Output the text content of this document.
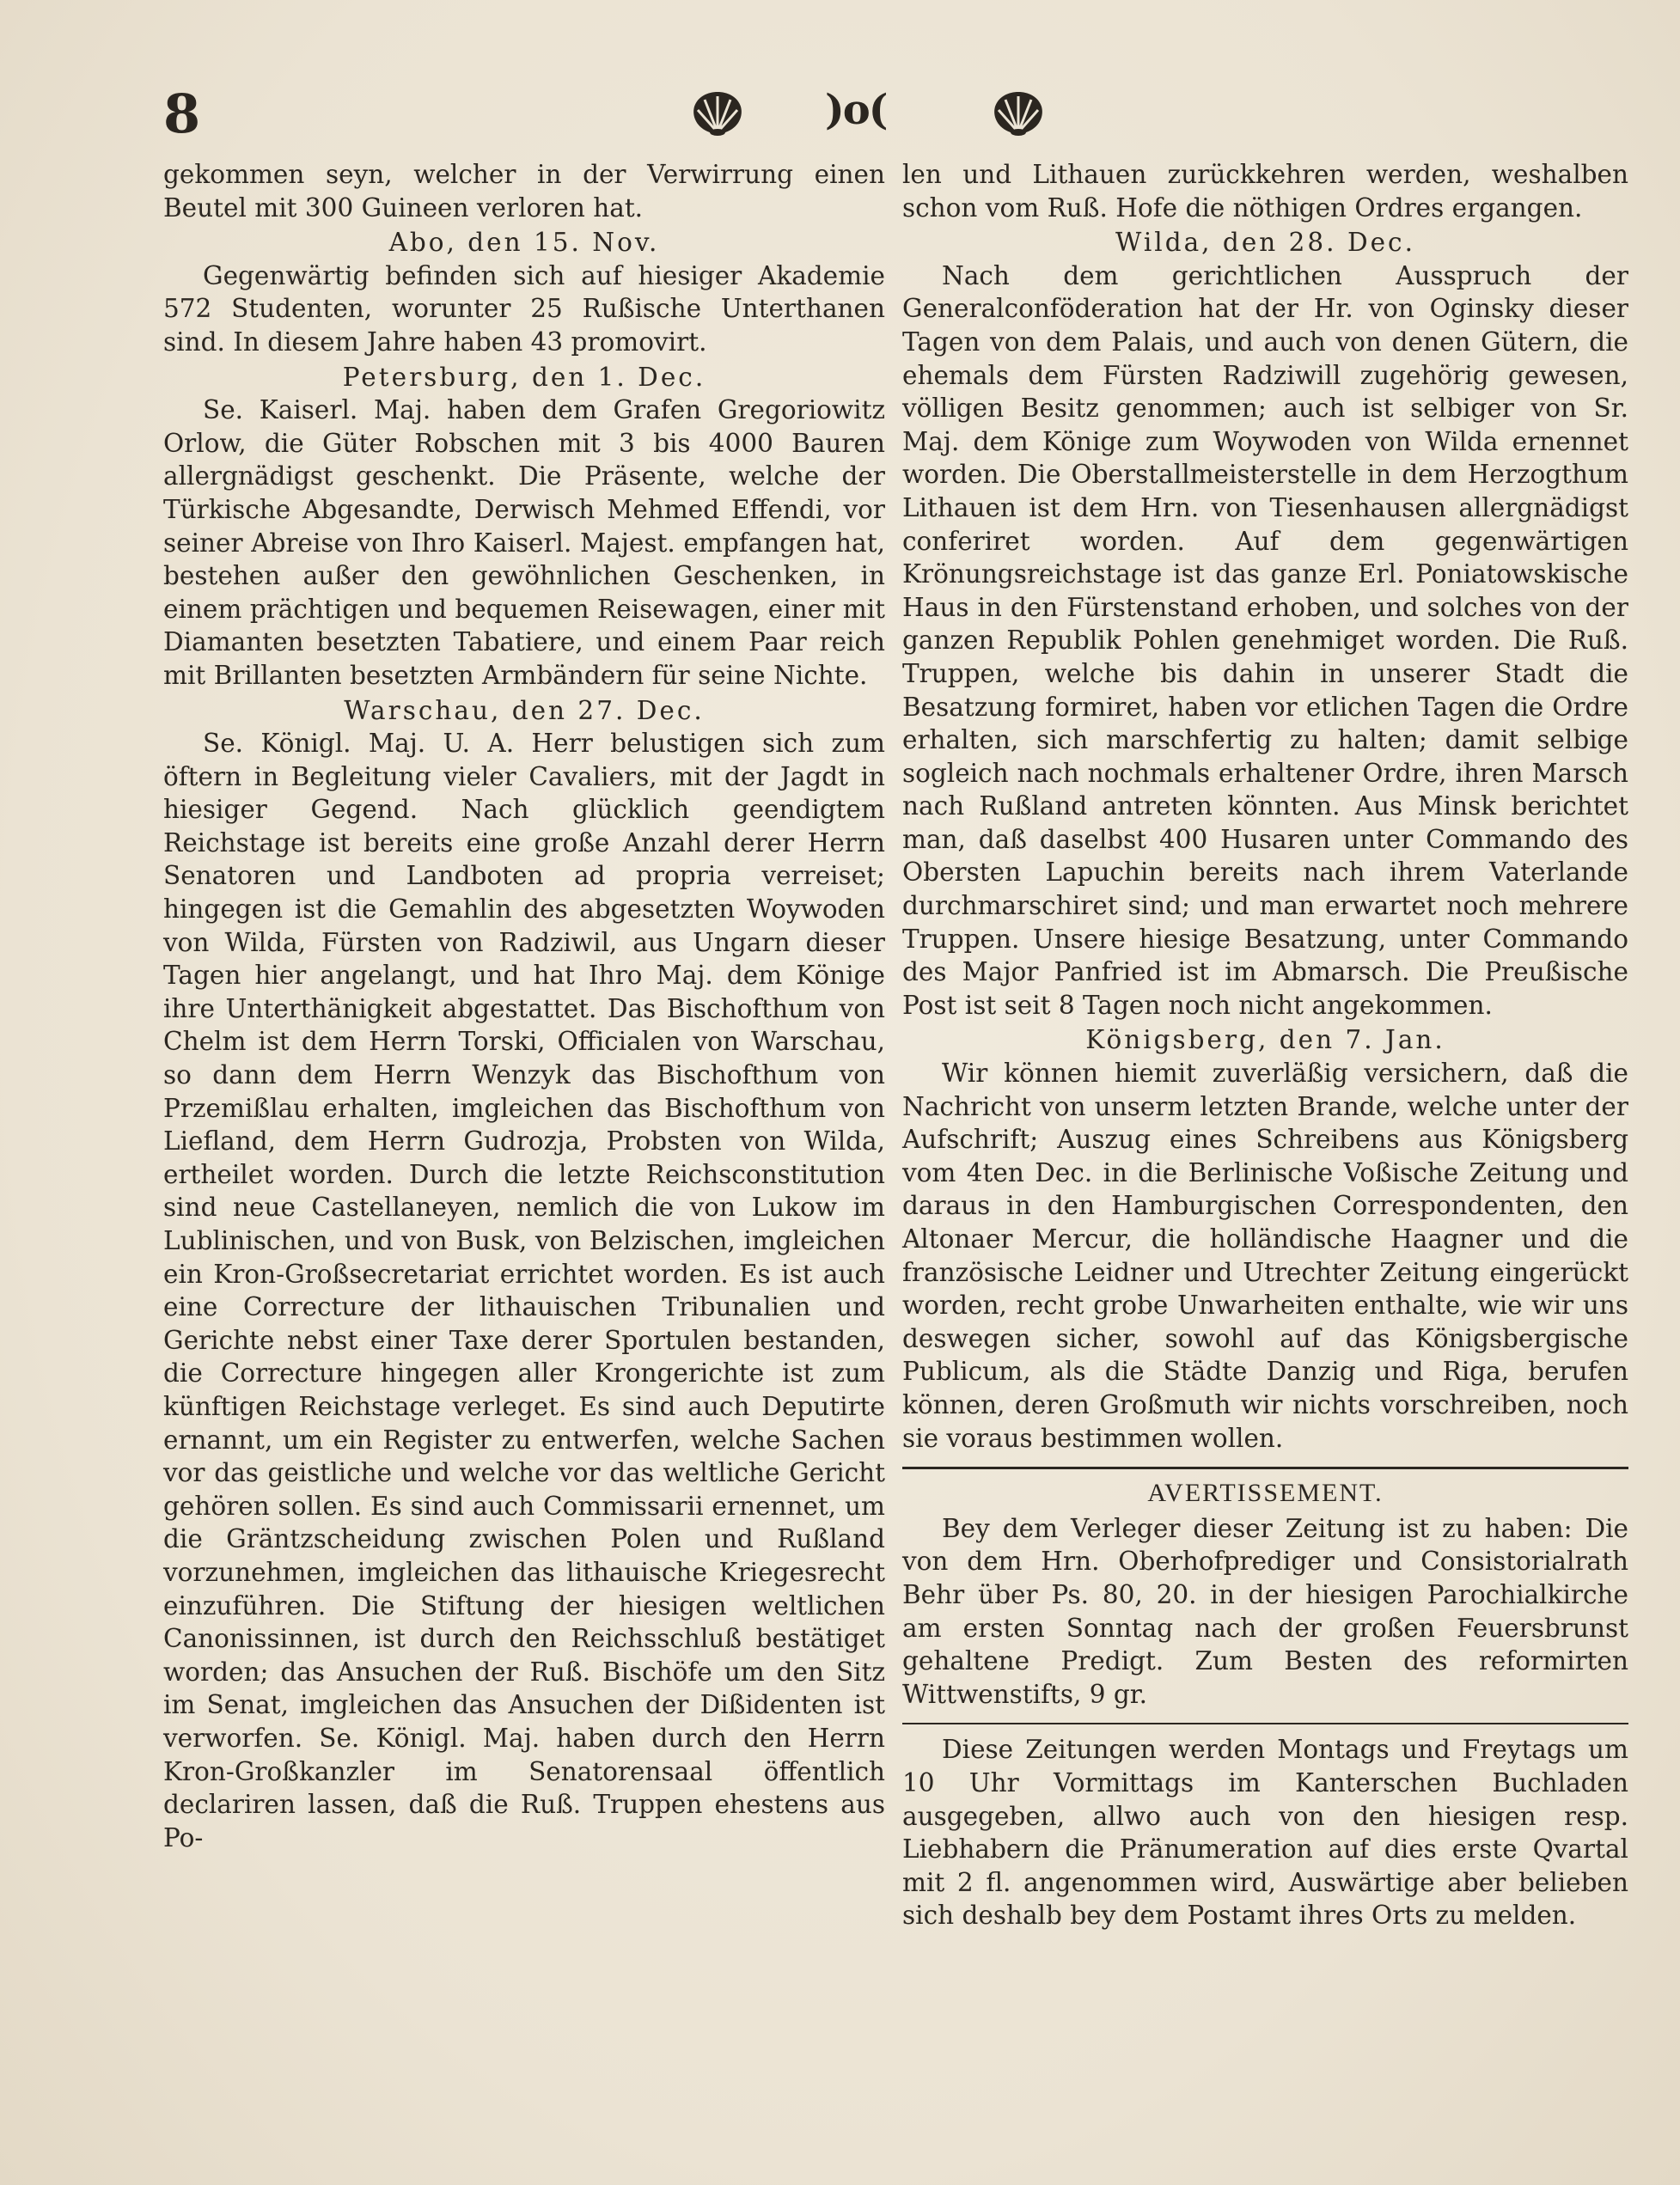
8	)o(

gekommen seyn, welcher in der Verwirrung einen Beutel mit 300 Guineen verloren hat.

Abo, den 15. Nov.

Gegenwärtig befinden sich auf hiesiger Akademie 572 Studenten, worunter 25 Rußische Unterthanen sind. In diesem Jahre haben 43 promovirt.

Petersburg, den 1. Dec.

Se. Kaiserl. Maj. haben dem Grafen Gregoriowitz Orlow, die Güter Robschen mit 3 bis 4000 Bauren allergnädigst geschenkt. Die Präsente, welche der Türkische Abgesandte, Derwisch Mehmed Effendi, vor seiner Abreise von Ihro Kaiserl. Majest. empfangen hat, bestehen außer den gewöhnlichen Geschenken, in einem prächtigen und bequemen Reisewagen, einer mit Diamanten besetzten Tabatiere, und einem Paar reich mit Brillanten besetzten Armbändern für seine Nichte.

Warschau, den 27. Dec.

Se. Königl. Maj. U. A. Herr belustigen sich zum öftern in Begleitung vieler Cavaliers, mit der Jagdt in hiesiger Gegend. Nach glücklich geendigtem Reichstage ist bereits eine große Anzahl derer Herrn Senatoren und Landboten ad propria verreiset; hingegen ist die Gemahlin des abgesetzten Woywoden von Wilda, Fürsten von Radziwil, aus Ungarn dieser Tagen hier angelangt, und hat Ihro Maj. dem Könige ihre Unterthänigkeit abgestattet. Das Bischofthum von Chelm ist dem Herrn Torski, Officialen von Warschau, so dann dem Herrn Wenzyk das Bischofthum von Przemißlau erhalten, imgleichen das Bischofthum von Liefland, dem Herrn Gudrozja, Probsten von Wilda, ertheilet worden. Durch die letzte Reichsconstitution sind neue Castellaneyen, nemlich die von Lukow im Lublinischen, und von Busk, von Belzischen, imgleichen ein Kron-Großsecretariat errichtet worden. Es ist auch eine Correcture der lithauischen Tribunalien und Gerichte nebst einer Taxe derer Sportulen bestanden, die Correcture hingegen aller Krongerichte ist zum künftigen Reichstage verleget. Es sind auch Deputirte ernannt, um ein Register zu entwerfen, welche Sachen vor das geistliche und welche vor das weltliche Gericht gehören sollen. Es sind auch Commissarii ernennet, um die Gräntzscheidung zwischen Polen und Rußland vorzunehmen, imgleichen das lithauische Kriegesrecht einzuführen. Die Stiftung der hiesigen weltlichen Canonissinnen, ist durch den Reichsschluß bestätiget worden; das Ansuchen der Ruß. Bischöfe um den Sitz im Senat, imgleichen das Ansuchen der Dißidenten ist verworfen. Se. Königl. Maj. haben durch den Herrn Kron-Großkanzler im Senatorensaal öffentlich declariren lassen, daß die Ruß. Truppen ehestens aus Po-

len und Lithauen zurückkehren werden, weshalben schon vom Ruß. Hofe die nöthigen Ordres ergangen.

Wilda, den 28. Dec.

Nach dem gerichtlichen Ausspruch der Generalconföderation hat der Hr. von Oginsky dieser Tagen von dem Palais, und auch von denen Gütern, die ehemals dem Fürsten Radziwill zugehörig gewesen, völligen Besitz genommen; auch ist selbiger von Sr. Maj. dem Könige zum Woywoden von Wilda ernennet worden. Die Oberstallmeisterstelle in dem Herzogthum Lithauen ist dem Hrn. von Tiesenhausen allergnädigst conferiret worden. Auf dem gegenwärtigen Krönungsreichstage ist das ganze Erl. Poniatowskische Haus in den Fürstenstand erhoben, und solches von der ganzen Republik Pohlen genehmiget worden. Die Ruß. Truppen, welche bis dahin in unserer Stadt die Besatzung formiret, haben vor etlichen Tagen die Ordre erhalten, sich marschfertig zu halten; damit selbige sogleich nach nochmals erhaltener Ordre, ihren Marsch nach Rußland antreten könnten. Aus Minsk berichtet man, daß daselbst 400 Husaren unter Commando des Obersten Lapuchin bereits nach ihrem Vaterlande durchmarschiret sind; und man erwartet noch mehrere Truppen. Unsere hiesige Besatzung, unter Commando des Major Panfried ist im Abmarsch. Die Preußische Post ist seit 8 Tagen noch nicht angekommen.

Königsberg, den 7. Jan.

Wir können hiemit zuverläßig versichern, daß die Nachricht von unserm letzten Brande, welche unter der Aufschrift; Auszug eines Schreibens aus Königsberg vom 4ten Dec. in die Berlinische Voßische Zeitung und daraus in den Hamburgischen Correspondenten, den Altonaer Mercur, die holländische Haagner und die französische Leidner und Utrechter Zeitung eingerückt worden, recht grobe Unwarheiten enthalte, wie wir uns deswegen sicher, sowohl auf das Königsbergische Publicum, als die Städte Danzig und Riga, berufen können, deren Großmuth wir nichts vorschreiben, noch sie voraus bestimmen wollen.

AVERTISSEMENT.

Bey dem Verleger dieser Zeitung ist zu haben: Die von dem Hrn. Oberhofprediger und Consistorialrath Behr über Ps. 80, 20. in der hiesigen Parochialkirche am ersten Sonntag nach der großen Feuersbrunst gehaltene Predigt. Zum Besten des reformirten Wittwenstifts, 9 gr.

Diese Zeitungen werden Montags und Freytags um 10 Uhr Vormittags im Kanterschen Buchladen ausgegeben, allwo auch von den hiesigen resp. Liebhabern die Pränumeration auf dies erste Qvartal mit 2 fl. angenommen wird, Auswärtige aber belieben sich deshalb bey dem Postamt ihres Orts zu melden.
